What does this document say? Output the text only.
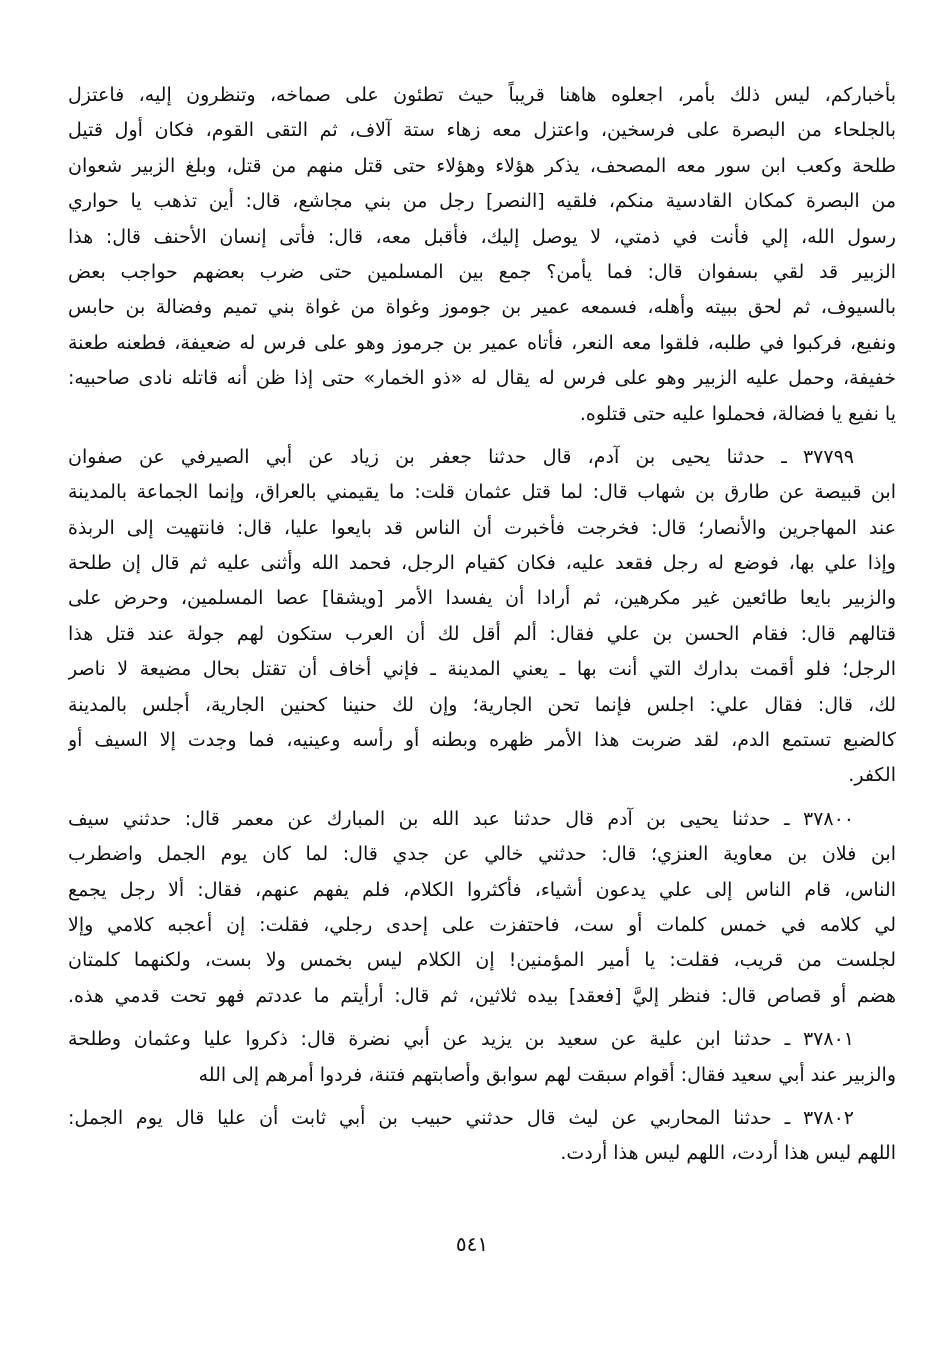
بأخباركم، ليس ذلك بأمر، اجعلوه هاهنا قريباً حيث تطئون على صماخه، وتنظرون إليه، فاعتزل
بالجلحاء من البصرة على فرسخين، واعتزل معه زهاء ستة آلاف، ثم التقى القوم، فكان أول قتيل
طلحة وكعب ابن سور معه المصحف، يذكر هؤلاء وهؤلاء حتى قتل منهم من قتل، وبلغ الزبير شعوان
من البصرة كمكان القادسية منكم، فلقيه [النصر] رجل من بني مجاشع، قال: أين تذهب يا حواري
رسول الله، إلي فأنت في ذمتي، لا يوصل إليك، فأقبل معه، قال: فأتى إنسان الأحنف قال: هذا
الزبير قد لقي بسفوان قال: فما يأمن؟ جمع بين المسلمين حتى ضرب بعضهم حواجب بعض
بالسيوف، ثم لحق ببيته وأهله، فسمعه عمير بن جوموز وغواة من غواة بني تميم وفضالة بن حابس
ونفيع، فركبوا في طلبه، فلقوا معه النعر، فأتاه عمير بن جرموز وهو على فرس له ضعيفة، فطعنه طعنة
خفيفة، وحمل عليه الزبير وهو على فرس له يقال له «ذو الخمار» حتى إذا ظن أنه قاتله نادى صاحبيه:
يا نفيع يا فضالة، فحملوا عليه حتى قتلوه.
٣٧٧٩٩ ـ حدثنا يحيى بن آدم، قال حدثنا جعفر بن زياد عن أبي الصيرفي عن صفوان
ابن قبيصة عن طارق بن شهاب قال: لما قتل عثمان قلت: ما يقيمني بالعراق، وإنما الجماعة بالمدينة
عند المهاجرين والأنصار؛ قال: فخرجت فأخبرت أن الناس قد بايعوا عليا، قال: فانتهيت إلى الربذة
وإذا علي بها، فوضع له رجل فقعد عليه، فكان كقيام الرجل، فحمد الله وأثنى عليه ثم قال إن طلحة
والزبير بايعا طائعين غير مكرهين، ثم أرادا أن يفسدا الأمر [ويشقا] عصا المسلمين، وحرض على
قتالهم قال: فقام الحسن بن علي فقال: ألم أقل لك أن العرب ستكون لهم جولة عند قتل هذا
الرجل؛ فلو أقمت بدارك التي أنت بها ـ يعني المدينة ـ فإني أخاف أن تقتل بحال مضيعة لا ناصر
لك، قال: فقال علي: اجلس فإنما تحن الجارية؛ وإن لك حنينا كحنين الجارية، أجلس بالمدينة
كالضبع تستمع الدم، لقد ضربت هذا الأمر ظهره وبطنه أو رأسه وعينيه، فما وجدت إلا السيف أو
الكفر.
٣٧٨٠٠ ـ حدثنا يحيى بن آدم قال حدثنا عبد الله بن المبارك عن معمر قال: حدثني سيف
ابن فلان بن معاوية العنزي؛ قال: حدثني خالي عن جدي قال: لما كان يوم الجمل واضطرب
الناس، قام الناس إلى علي يدعون أشياء، فأكثروا الكلام، فلم يفهم عنهم، فقال: ألا رجل يجمع
لي كلامه في خمس كلمات أو ست، فاحتفزت على إحدى رجلي، فقلت: إن أعجبه كلامي وإلا
لجلست من قريب، فقلت: يا أمير المؤمنين! إن الكلام ليس بخمس ولا بست، ولكنهما كلمتان
هضم أو قصاص قال: فنظر إليَّ [فعقد] بيده ثلاثين، ثم قال: أرأيتم ما عددتم فهو تحت قدمي هذه.
٣٧٨٠١ ـ حدثنا ابن علية عن سعيد بن يزيد عن أبي نضرة قال: ذكروا عليا وعثمان وطلحة
والزبير عند أبي سعيد فقال: أقوام سبقت لهم سوابق وأصابتهم فتنة، فردوا أمرهم إلى الله
٣٧٨٠٢ ـ حدثنا المحاربي عن ليث قال حدثني حبيب بن أبي ثابت أن عليا قال يوم الجمل:
اللهم ليس هذا أردت، اللهم ليس هذا أردت.
٥٤١
